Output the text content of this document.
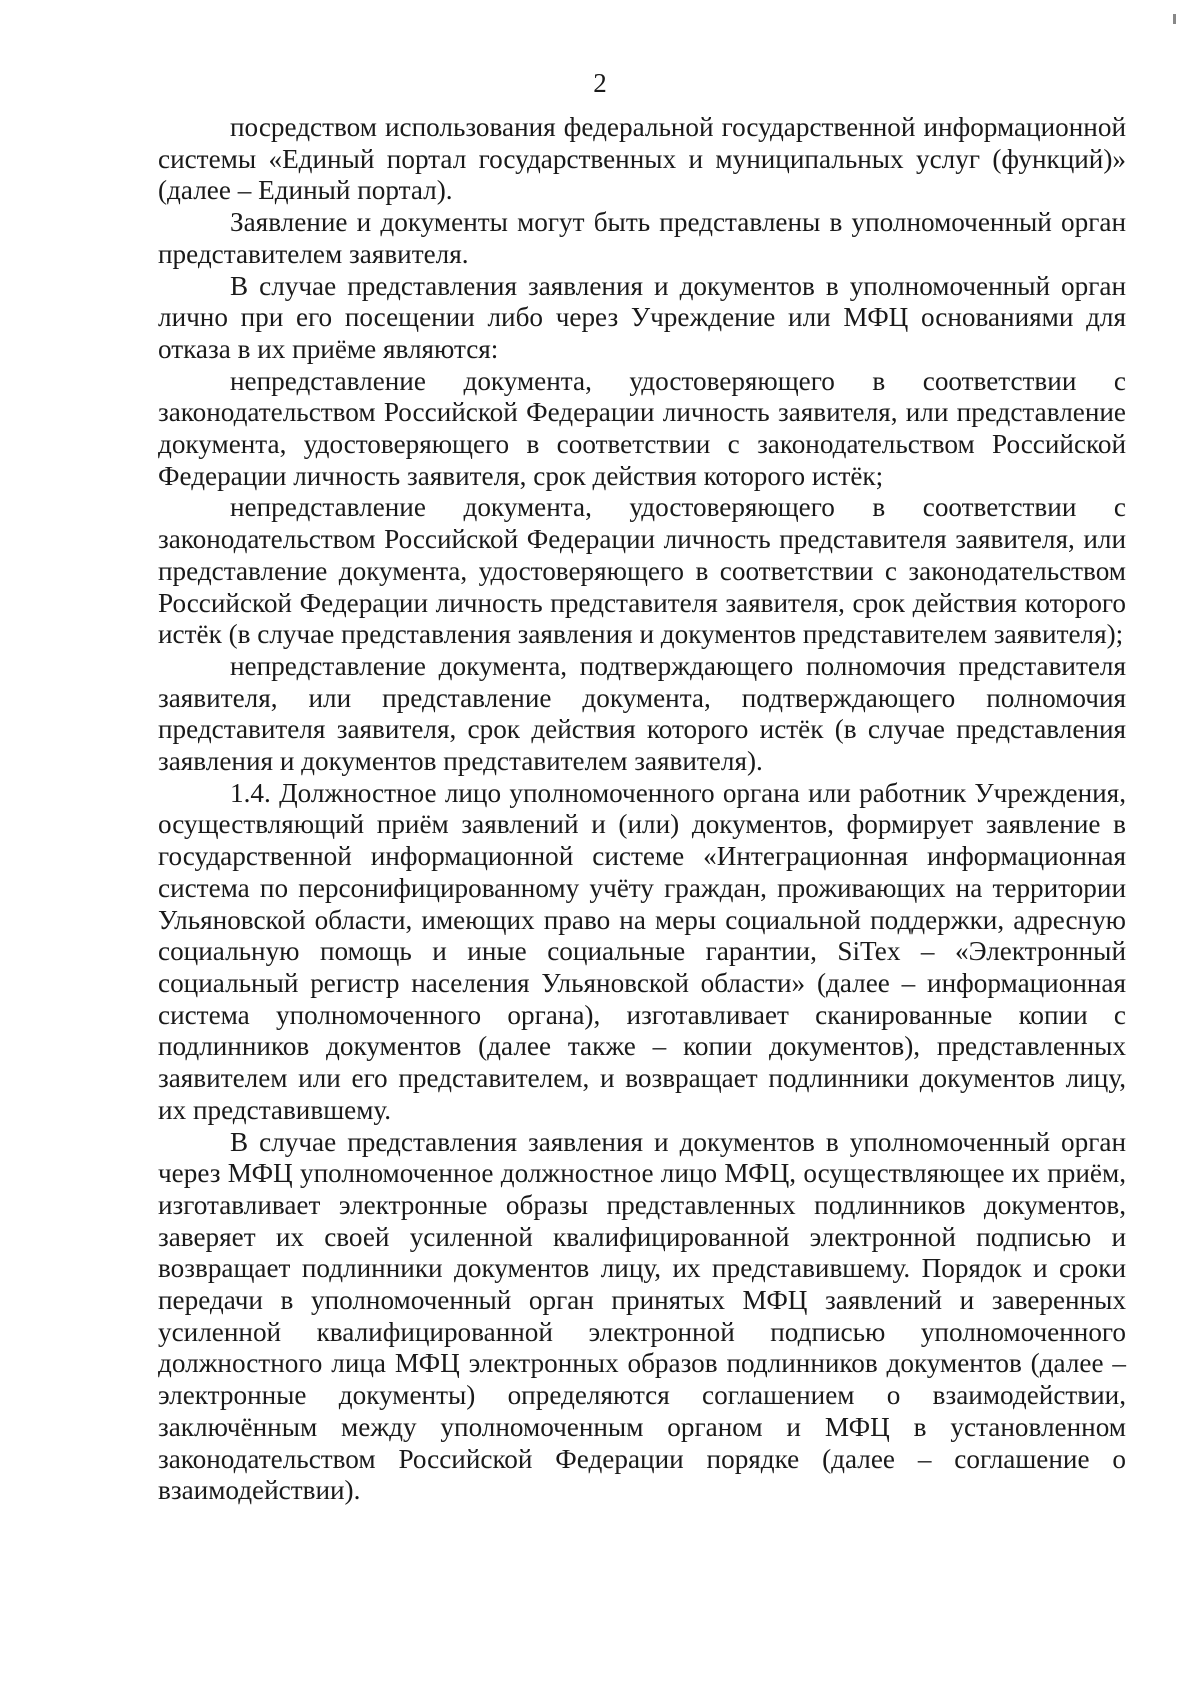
2

посредством использования федеральной государственной информационной системы «Единый портал государственных и муниципальных услуг (функций)» (далее – Единый портал).

Заявление и документы могут быть представлены в уполномоченный орган представителем заявителя.

В случае представления заявления и документов в уполномоченный орган лично при его посещении либо через Учреждение или МФЦ основаниями для отказа в их приёме являются:

непредставление документа, удостоверяющего в соответствии с законодательством Российской Федерации личность заявителя, или представление документа, удостоверяющего в соответствии с законодательством Российской Федерации личность заявителя, срок действия которого истёк;

непредставление документа, удостоверяющего в соответствии с законодательством Российской Федерации личность представителя заявителя, или представление документа, удостоверяющего в соответствии с законодательством Российской Федерации личность представителя заявителя, срок действия которого истёк (в случае представления заявления и документов представителем заявителя);

непредставление документа, подтверждающего полномочия представителя заявителя, или представление документа, подтверждающего полномочия представителя заявителя, срок действия которого истёк (в случае представления заявления и документов представителем заявителя).

1.4. Должностное лицо уполномоченного органа или работник Учреждения, осуществляющий приём заявлений и (или) документов, формирует заявление в государственной информационной системе «Интеграционная информационная система по персонифицированному учёту граждан, проживающих на территории Ульяновской области, имеющих право на меры социальной поддержки, адресную социальную помощь и иные социальные гарантии, SiTex – «Электронный социальный регистр населения Ульяновской области» (далее – информационная система уполномоченного органа), изготавливает сканированные копии с подлинников документов (далее также – копии документов), представленных заявителем или его представителем, и возвращает подлинники документов лицу, их представившему.

В случае представления заявления и документов в уполномоченный орган через МФЦ уполномоченное должностное лицо МФЦ, осуществляющее их приём, изготавливает электронные образы представленных подлинников документов, заверяет их своей усиленной квалифицированной электронной подписью и возвращает подлинники документов лицу, их представившему. Порядок и сроки передачи в уполномоченный орган принятых МФЦ заявлений и заверенных усиленной квалифицированной электронной подписью уполномоченного должностного лица МФЦ электронных образов подлинников документов (далее – электронные документы) определяются соглашением о взаимодействии, заключённым между уполномоченным органом и МФЦ в установленном законодательством Российской Федерации порядке (далее – соглашение о взаимодействии).
